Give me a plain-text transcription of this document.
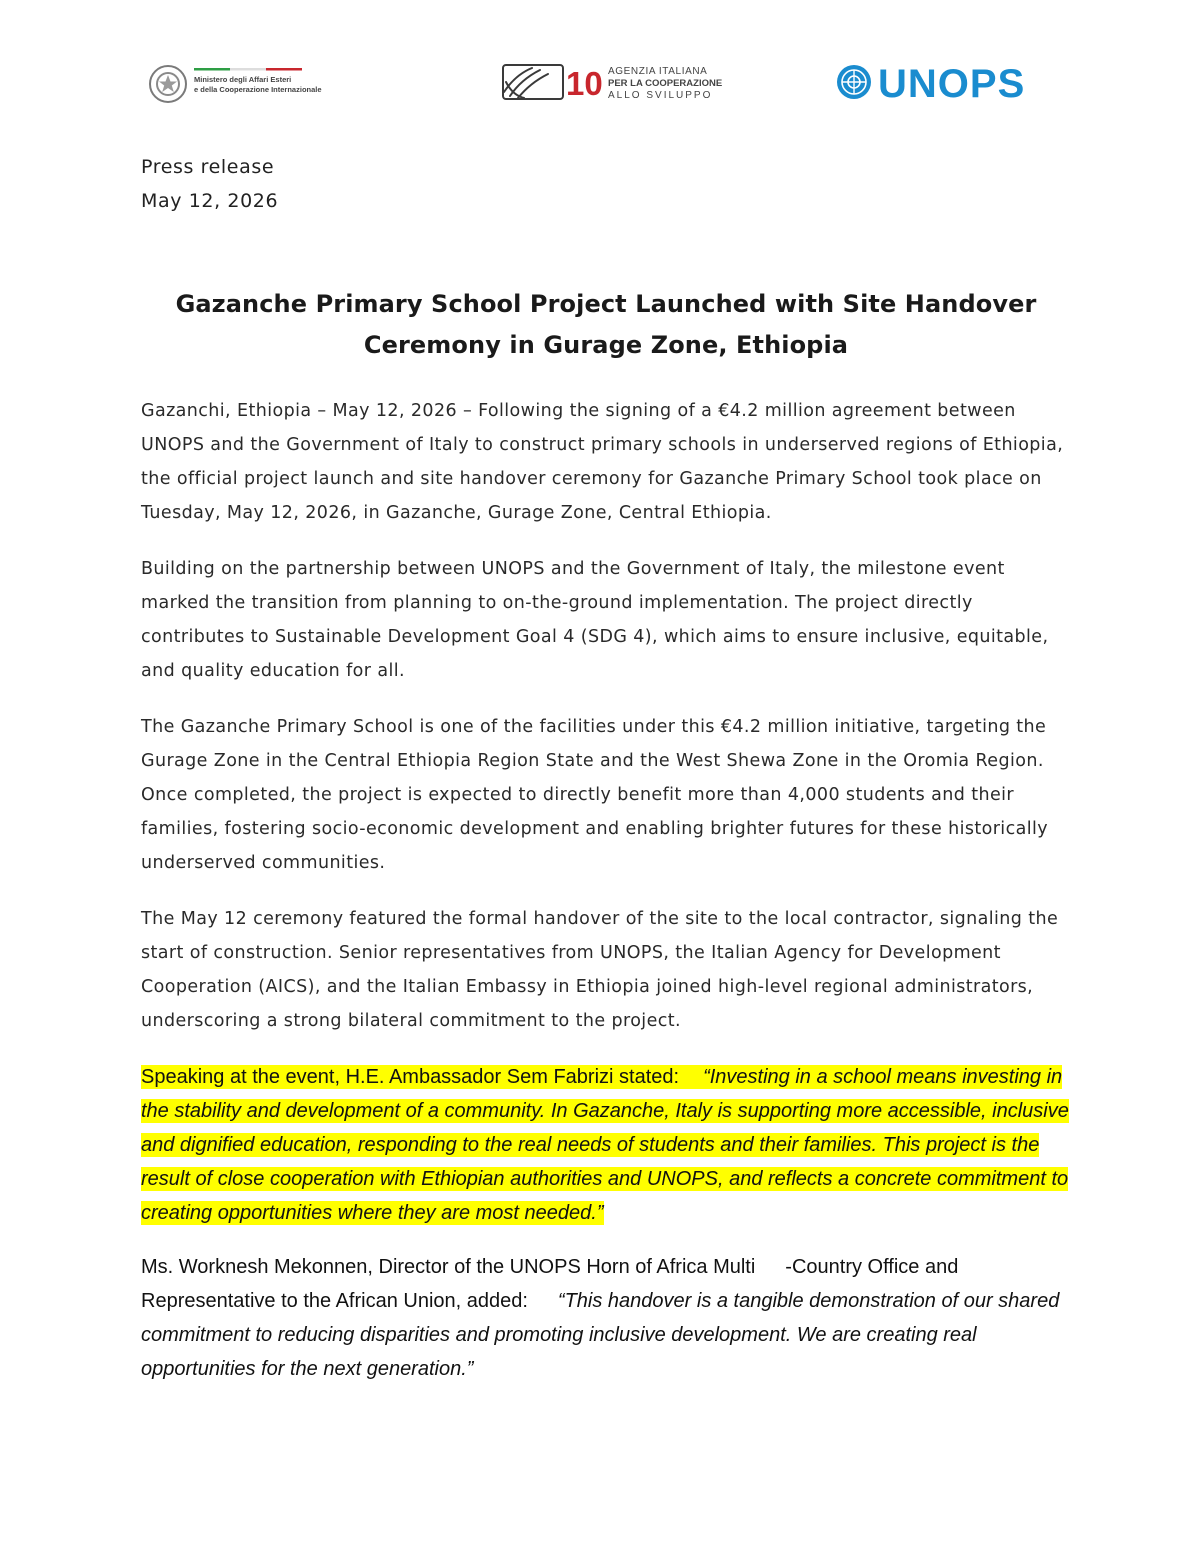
Ministero degli Affari Esteri
e della Cooperazione Internazionale	10 AGENZIA ITALIANA
PER LA COOPERAZIONE
ALLO SVILUPPO	UNOPS

Press release

May 12, 2026

Gazanche Primary School Project Launched with Site Handover
Ceremony in Gurage Zone, Ethiopia

Gazanchi, Ethiopia – May 12, 2026 – Following the signing of a €4.2 million agreement between UNOPS and the Government of Italy to construct primary schools in underserved regions of Ethiopia, the official project launch and site handover ceremony for Gazanche Primary School took place on Tuesday, May 12, 2026, in Gazanche, Gurage Zone, Central Ethiopia.

Building on the partnership between UNOPS and the Government of Italy, the milestone event marked the transition from planning to on-the-ground implementation. The project directly contributes to Sustainable Development Goal 4 (SDG 4), which aims to ensure inclusive, equitable, and quality education for all.

The Gazanche Primary School is one of the facilities under this €4.2 million initiative, targeting the Gurage Zone in the Central Ethiopia Region State and the West Shewa Zone in the Oromia Region. Once completed, the project is expected to directly benefit more than 4,000 students and their families, fostering socio-economic development and enabling brighter futures for these historically underserved communities.

The May 12 ceremony featured the formal handover of the site to the local contractor, signaling the start of construction. Senior representatives from UNOPS, the Italian Agency for Development Cooperation (AICS), and the Italian Embassy in Ethiopia joined high-level regional administrators, underscoring a strong bilateral commitment to the project.

Speaking at the event, H.E. Ambassador Sem Fabrizi stated: “Investing in a school means investing in the stability and development of a community. In Gazanche, Italy is supporting more accessible, inclusive and dignified education, responding to the real needs of students and their families. This project is the result of close cooperation with Ethiopian authorities and UNOPS, and reflects a concrete commitment to creating opportunities where they are most needed.”

Ms. Worknesh Mekonnen, Director of the UNOPS Horn of Africa Multi -Country Office and Representative to the African Union, added: “This handover is a tangible demonstration of our shared commitment to reducing disparities and promoting inclusive development. We are creating real opportunities for the next generation.”
